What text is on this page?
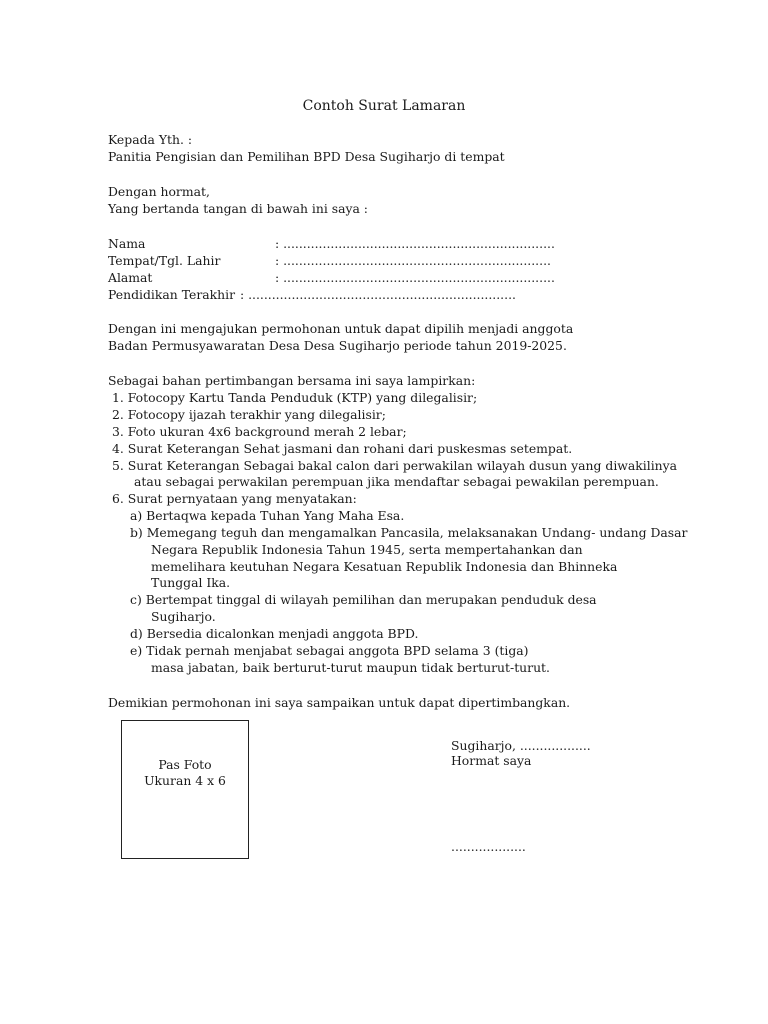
Contoh Surat Lamaran
Kepada Yth. :
Panitia Pengisian dan Pemilihan BPD Desa Sugiharjo di tempat
Dengan hormat,
Yang bertanda tangan di bawah ini saya :
Nama	: .....................................................................
Tempat/Tgl. Lahir	: ....................................................................
Alamat	: .....................................................................
Pendidikan Terakhir : ....................................................................
Dengan ini mengajukan permohonan untuk dapat dipilih menjadi anggota
Badan Permusyawaratan Desa Desa Sugiharjo periode tahun 2019-2025.
Sebagai bahan pertimbangan bersama ini saya lampirkan:
1. Fotocopy Kartu Tanda Penduduk (KTP) yang dilegalisir;
2. Fotocopy ijazah terakhir yang dilegalisir;
3. Foto ukuran 4x6 background merah 2 lebar;
4. Surat Keterangan Sehat jasmani dan rohani dari puskesmas setempat.
5. Surat Keterangan Sebagai bakal calon dari perwakilan wilayah dusun yang diwakilinya
atau sebagai perwakilan perempuan jika mendaftar sebagai pewakilan perempuan.
6. Surat pernyataan yang menyatakan:
a) Bertaqwa kepada Tuhan Yang Maha Esa.
b) Memegang teguh dan mengamalkan Pancasila, melaksanakan Undang- undang Dasar
Negara Republik Indonesia Tahun 1945, serta mempertahankan dan
memelihara keutuhan Negara Kesatuan Republik Indonesia dan Bhinneka
Tunggal Ika.
c) Bertempat tinggal di wilayah pemilihan dan merupakan penduduk desa
Sugiharjo.
d) Bersedia dicalonkan menjadi anggota BPD.
e) Tidak pernah menjabat sebagai anggota BPD selama 3 (tiga)
masa jabatan, baik berturut-turut maupun tidak berturut-turut.
Demikian permohonan ini saya sampaikan untuk dapat dipertimbangkan.
Pas Foto
Ukuran 4 x 6
Sugiharjo, ..................
Hormat saya
...................
